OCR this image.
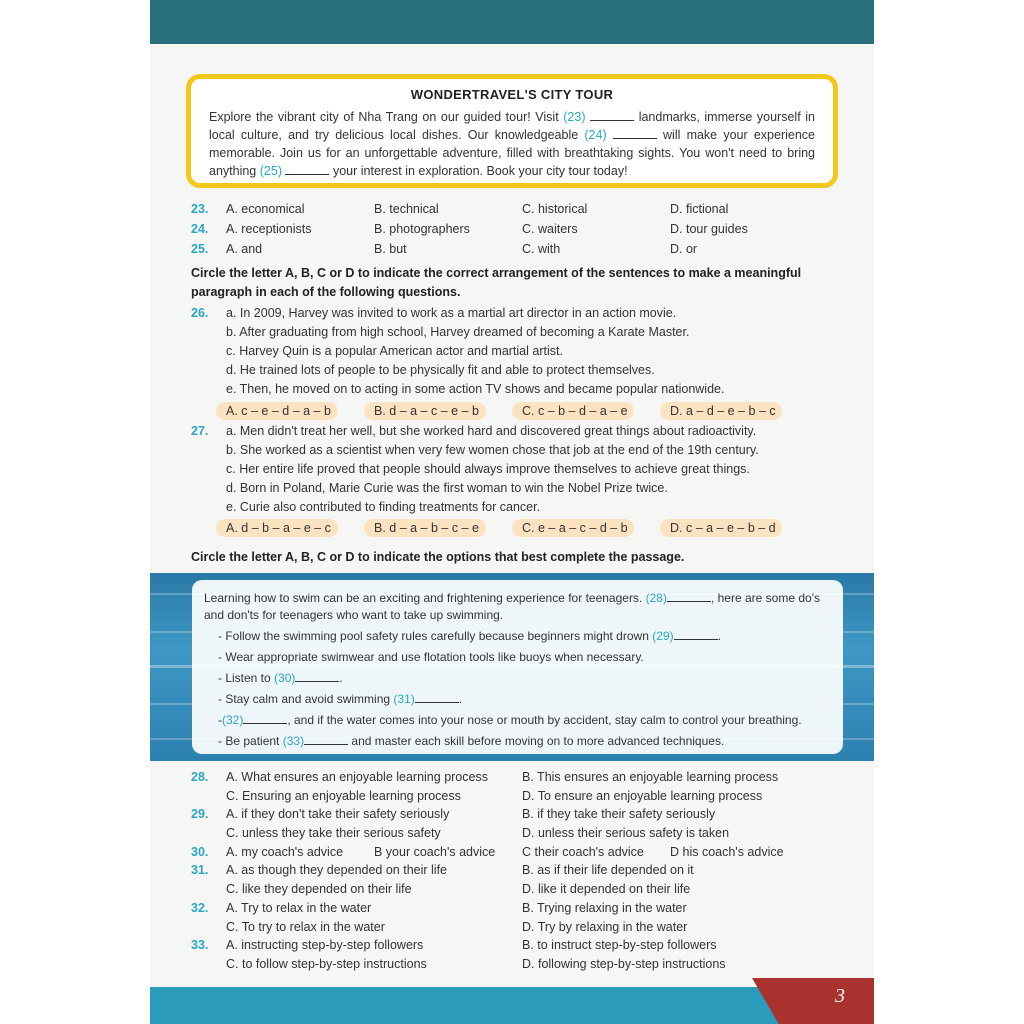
WONDERTRAVEL'S CITY TOUR
Explore the vibrant city of Nha Trang on our guided tour! Visit (23)	landmarks, immerse yourself in local culture, and try delicious local dishes. Our knowledgeable (24)	will make your experience memorable. Join us for an unforgettable adventure, filled with breathtaking sights. You won't need to bring anything (25)	your interest in exploration. Book your city tour today!
23.	A. economical	B. technical	C. historical	D. fictional
24.	A. receptionists	B. photographers	C. waiters	D. tour guides
25.	A. and	B. but	C. with	D. or
Circle the letter A, B, C or D to indicate the correct arrangement of the sentences to make a meaningful paragraph in each of the following questions.
26.	a. In 2009, Harvey was invited to work as a martial art director in an action movie.
b. After graduating from high school, Harvey dreamed of becoming a Karate Master.
c. Harvey Quin is a popular American actor and martial artist.
d. He trained lots of people to be physically fit and able to protect themselves.
e. Then, he moved on to acting in some action TV shows and became popular nationwide.
A. c – e – d – a – b	B. d – a – c – e – b	C. c – b – d – a – e	D. a – d – e – b – c
27.	a. Men didn't treat her well, but she worked hard and discovered great things about radioactivity.
b. She worked as a scientist when very few women chose that job at the end of the 19th century.
c. Her entire life proved that people should always improve themselves to achieve great things.
d. Born in Poland, Marie Curie was the first woman to win the Nobel Prize twice.
e. Curie also contributed to finding treatments for cancer.
A. d – b – a – e – c	B. d – a – b – c – e	C. e – a – c – d – b	D. c – a – e – b – d
Circle the letter A, B, C or D to indicate the options that best complete the passage.
Learning how to swim can be an exciting and frightening experience for teenagers. (28)	, here are some do's
and don'ts for teenagers who want to take up swimming.
- Follow the swimming pool safety rules carefully because beginners might drown (29)	.
- Wear appropriate swimwear and use flotation tools like buoys when necessary.
- Listen to (30)	.
- Stay calm and avoid swimming (31)	.
-(32)	, and if the water comes into your nose or mouth by accident, stay calm to control your breathing.
- Be patient (33)	and master each skill before moving on to more advanced techniques.
28.	A. What ensures an enjoyable learning process	B. This ensures an enjoyable learning process
C. Ensuring an enjoyable learning process	D. To ensure an enjoyable learning process
29.	A. if they don't take their safety seriously	B. if they take their safety seriously
C. unless they take their serious safety	D. unless their serious safety is taken
30.	A. my coach's advice B your coach's advice C their coach's advice D his coach's advice
31.	A. as though they depended on their life	B. as if their life depended on it
C. like they depended on their life	D. like it depended on their life
32.	A. Try to relax in the water	B. Trying relaxing in the water
C. To try to relax in the water	D. Try by relaxing in the water
33.	A. instructing step-by-step followers	B. to instruct step-by-step followers
C. to follow step-by-step instructions	D. following step-by-step instructions
3
